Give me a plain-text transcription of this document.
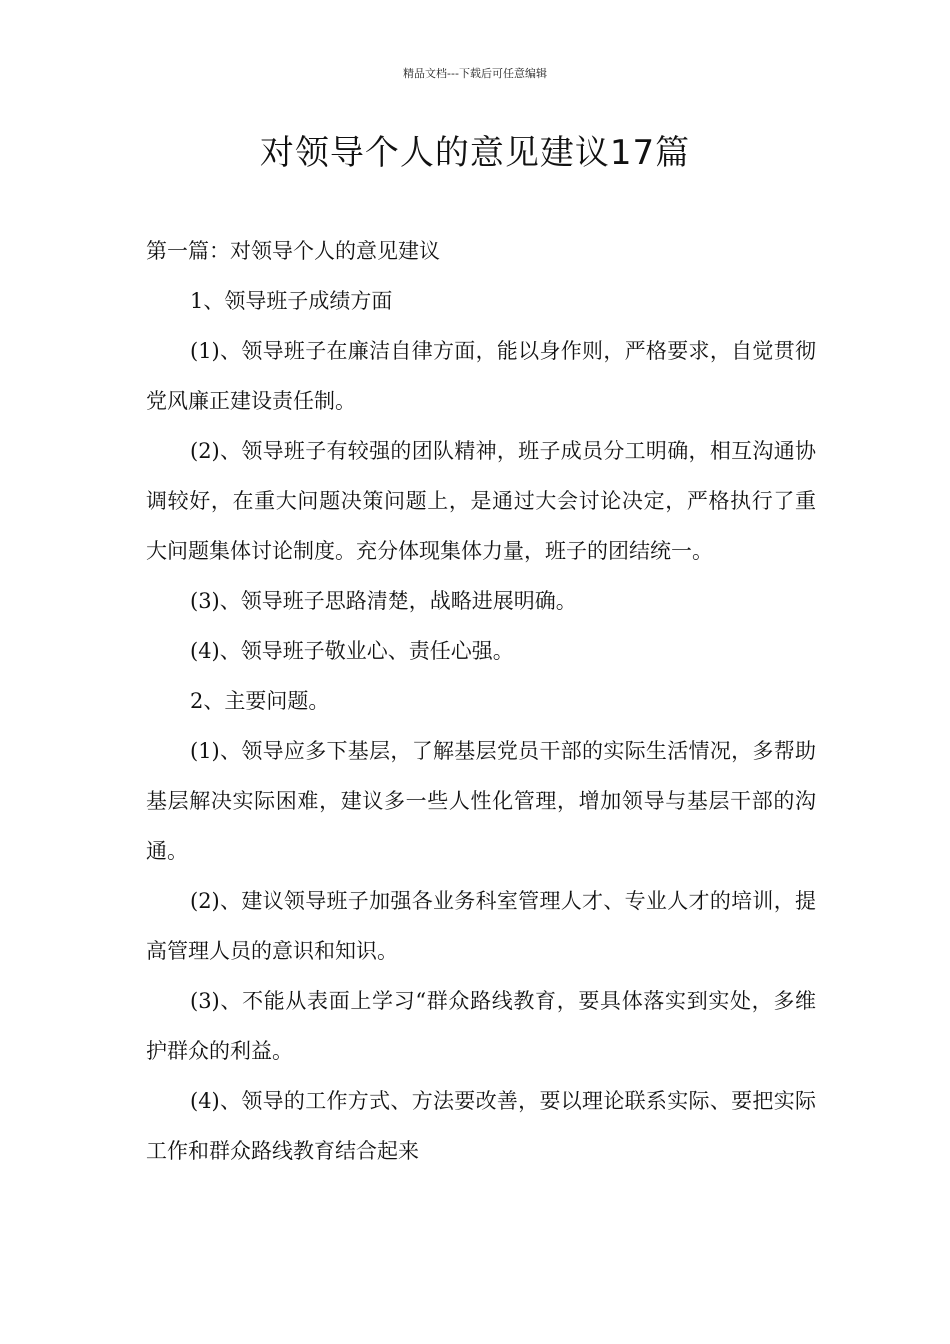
精品文档---下载后可任意编辑
对领导个人的意见建议17篇

第一篇：对领导个人的意见建议

1、领导班子成绩方面

(1)、领导班子在廉洁自律方面，能以身作则，严格要求，自觉贯彻党风廉正建设责任制。

(2)、领导班子有较强的团队精神，班子成员分工明确，相互沟通协调较好，在重大问题决策问题上，是通过大会讨论决定，严格执行了重大问题集体讨论制度。充分体现集体力量，班子的团结统一。

(3)、领导班子思路清楚，战略进展明确。

(4)、领导班子敬业心、责任心强。

2、主要问题。

(1)、领导应多下基层，了解基层党员干部的实际生活情况，多帮助基层解决实际困难，建议多一些人性化管理，增加领导与基层干部的沟通。

(2)、建议领导班子加强各业务科室管理人才、专业人才的培训，提高管理人员的意识和知识。

(3)、不能从表面上学习“群众路线教育，要具体落实到实处，多维护群众的利益。

(4)、领导的工作方式、方法要改善，要以理论联系实际、要把实际工作和群众路线教育结合起来
